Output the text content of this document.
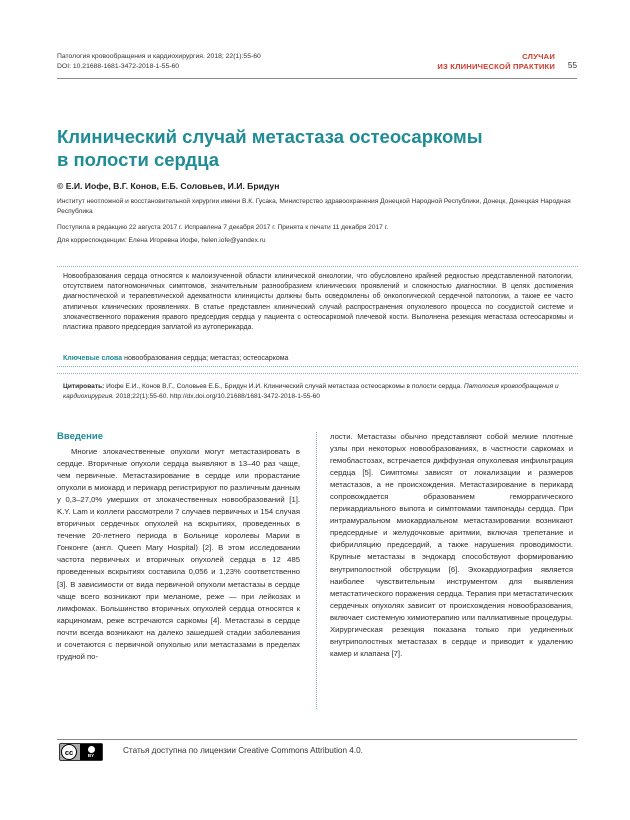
Патология кровообращения и кардиохирургия. 2018; 22(1):55-60
DOI: 10.21688-1681-3472-2018-1-55-60
СЛУЧАИ
ИЗ КЛИНИЧЕСКОЙ ПРАКТИКИ 55
Клинический случай метастаза остеосаркомы
в полости сердца
© Е.И. Иофе, В.Г. Конов, Е.Б. Соловьев, И.И. Бридун
Институт неотложной и восстановительной хирургии имени В.К. Гусака, Министерство здравоохранения Донецкой Народной Республики, Донецк, Донецкая Народная Республика
Поступила в редакцию 22 августа 2017 г. Исправлена 7 декабря 2017 г. Принята к печати 11 декабря 2017 г.
Для корреспонденции: Елена Игоревна Иофе, helen.iofe@yandex.ru
Новообразования сердца относятся к малоизученной области клинической онкологии, что обусловлено крайней редкостью представленной патологии, отсутствием патогномоничных симптомов, значительным разнообразием клинических проявлений и сложностью диагностики. В целях достижения диагностической и терапевтической адекватности клиницисты должны быть осведомлены об онкологической сердечной патологии, а также ее часто атипичных клинических проявлениях. В статье представлен клинический случай распространения опухолевого процесса по сосудистой системе и злокачественного поражения правого предсердия сердца у пациента с остеосаркомой плечевой кости. Выполнена резекция метастаза остеосаркомы и пластика правого предсердия заплатой из аутоперикарда.
Ключевые слова новообразования сердца; метастаз; остеосаркома
Цитировать: Иофе Е.И., Конов В.Г., Соловьев Е.Б., Бридун И.И. Клинический случай метастаза остеосаркомы в полости сердца. Патология кровообращения и кардиохирургия. 2018;22(1):55-60. http://dx.doi.org/10.21688/1681-3472-2018-1-55-60
Введение

Многие злокачественные опухоли могут метастазировать в сердце. Вторичные опухоли сердца выявляют в 13–40 раз чаще, чем первичные. Метастазирование в сердце или прорастание опухоли в миокард и перикард регистрируют по различным данным у 0,3–27,0% умерших от злокачественных новообразований [1]. K.Y. Lam и коллеги рассмотрели 7 случаев первичных и 154 случая вторичных сердечных опухолей на вскрытиях, проведенных в течение 20-летнего периода в Больнице королевы Марии в Гонконге (англ. Queen Mary Hospital) [2]. В этом исследовании частота первичных и вторичных опухолей сердца в 12 485 проведенных вскрытиях составила 0,056 и 1,23% соответственно [3]. В зависимости от вида первичной опухоли метастазы в сердце чаще всего возникают при меланоме, реже — при лейкозах и лимфомах. Большинство вторичных опухолей сердца относятся к карциномам, реже встречаются саркомы [4]. Метастазы в сердце почти всегда возникают на далеко зашедшей стадии заболевания и сочетаются с первичной опухолью или метастазами в пределах грудной по-

лости. Метастазы обычно представляют собой мелкие плотные узлы при некоторых новообразованиях, в частности саркомах и гемобластозах, встречается диффузная опухолевая инфильтрация сердца [5]. Симптомы зависят от локализации и размеров метастазов, а не происхождения. Метастазирование в перикард сопровождается образованием геморрагического перикардиального выпота и симптомами тампонады сердца. При интрамуральном миокардиальном метастазировании возникают предсердные и желудочковые аритмии, включая трепетание и фибрилляцию предсердий, а также нарушения проводимости. Крупные метастазы в эндокард способствуют формированию внутриполостной обструкции [6]. Эхокардиография является наиболее чувствительным инструментом для выявления метастатического поражения сердца. Терапия при метастатических сердечных опухолях зависит от происхождения новообразования, включает системную химиотерапию или паллиативные процедуры. Хирургическая резекция показана только при уединенных внутриполостных метастазах в сердце и приводит к удалению камер и клапана [7].

cc	BY	Статья доступна по лицензии Creative Commons Attribution 4.0.
